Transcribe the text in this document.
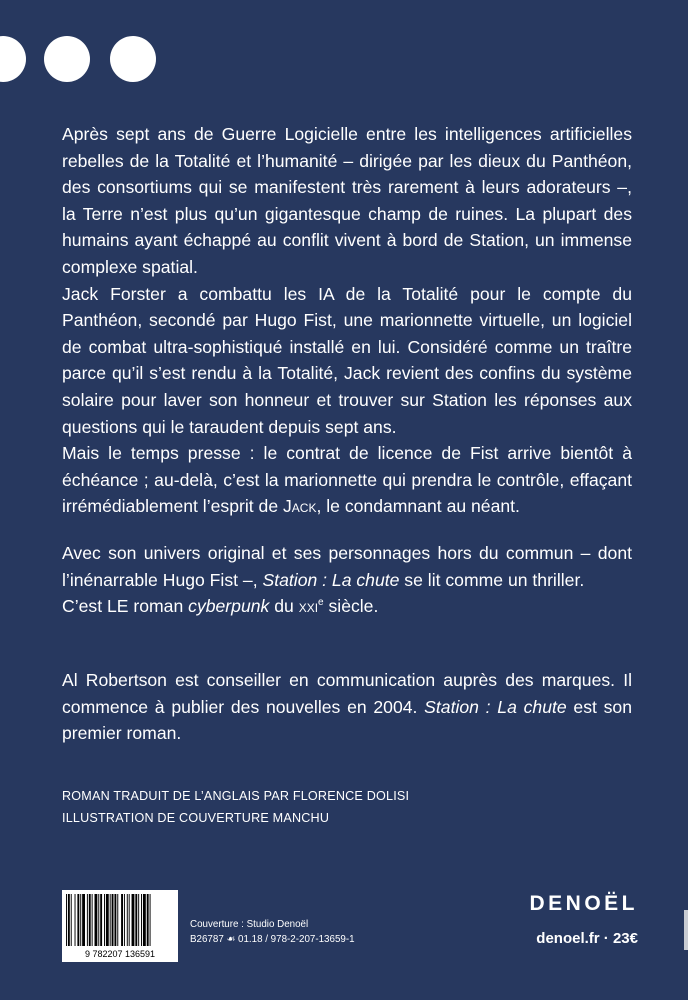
Après sept ans de Guerre Logicielle entre les intelligences artificielles rebelles de la Totalité et l’humanité – dirigée par les dieux du Panthéon, des consortiums qui se manifestent très rarement à leurs adorateurs –, la Terre n’est plus qu’un gigantesque champ de ruines. La plupart des humains ayant échappé au conflit vivent à bord de Station, un immense complexe spatial.

Jack Forster a combattu les IA de la Totalité pour le compte du Panthéon, secondé par Hugo Fist, une marionnette virtuelle, un logiciel de combat ultra-sophistiqué installé en lui. Considéré comme un traître parce qu’il s’est rendu à la Totalité, Jack revient des confins du système solaire pour laver son honneur et trouver sur Station les réponses aux questions qui le taraudent depuis sept ans.

Mais le temps presse : le contrat de licence de Fist arrive bientôt à échéance ; au-delà, c’est la marionnette qui prendra le contrôle, effaçant irrémédiablement l’esprit de Jack, le condamnant au néant.

Avec son univers original et ses personnages hors du commun – dont l’inénarrable Hugo Fist –, Station : La chute se lit comme un thriller.

C’est LE roman cyberpunk du xxi$^e$ siècle.

Al Robertson est conseiller en communication auprès des marques. Il commence à publier des nouvelles en 2004. Station : La chute est son premier roman.

ROMAN TRADUIT DE L’ANGLAIS PAR FLORENCE DOLISI
ILLUSTRATION DE COUVERTURE MANCHU
9 782207 136591
Couverture : Studio Denoël
B26787 ☙ 01.18 / 978-2-207-13659-1
DENOËL
denoel.fr · 23€
